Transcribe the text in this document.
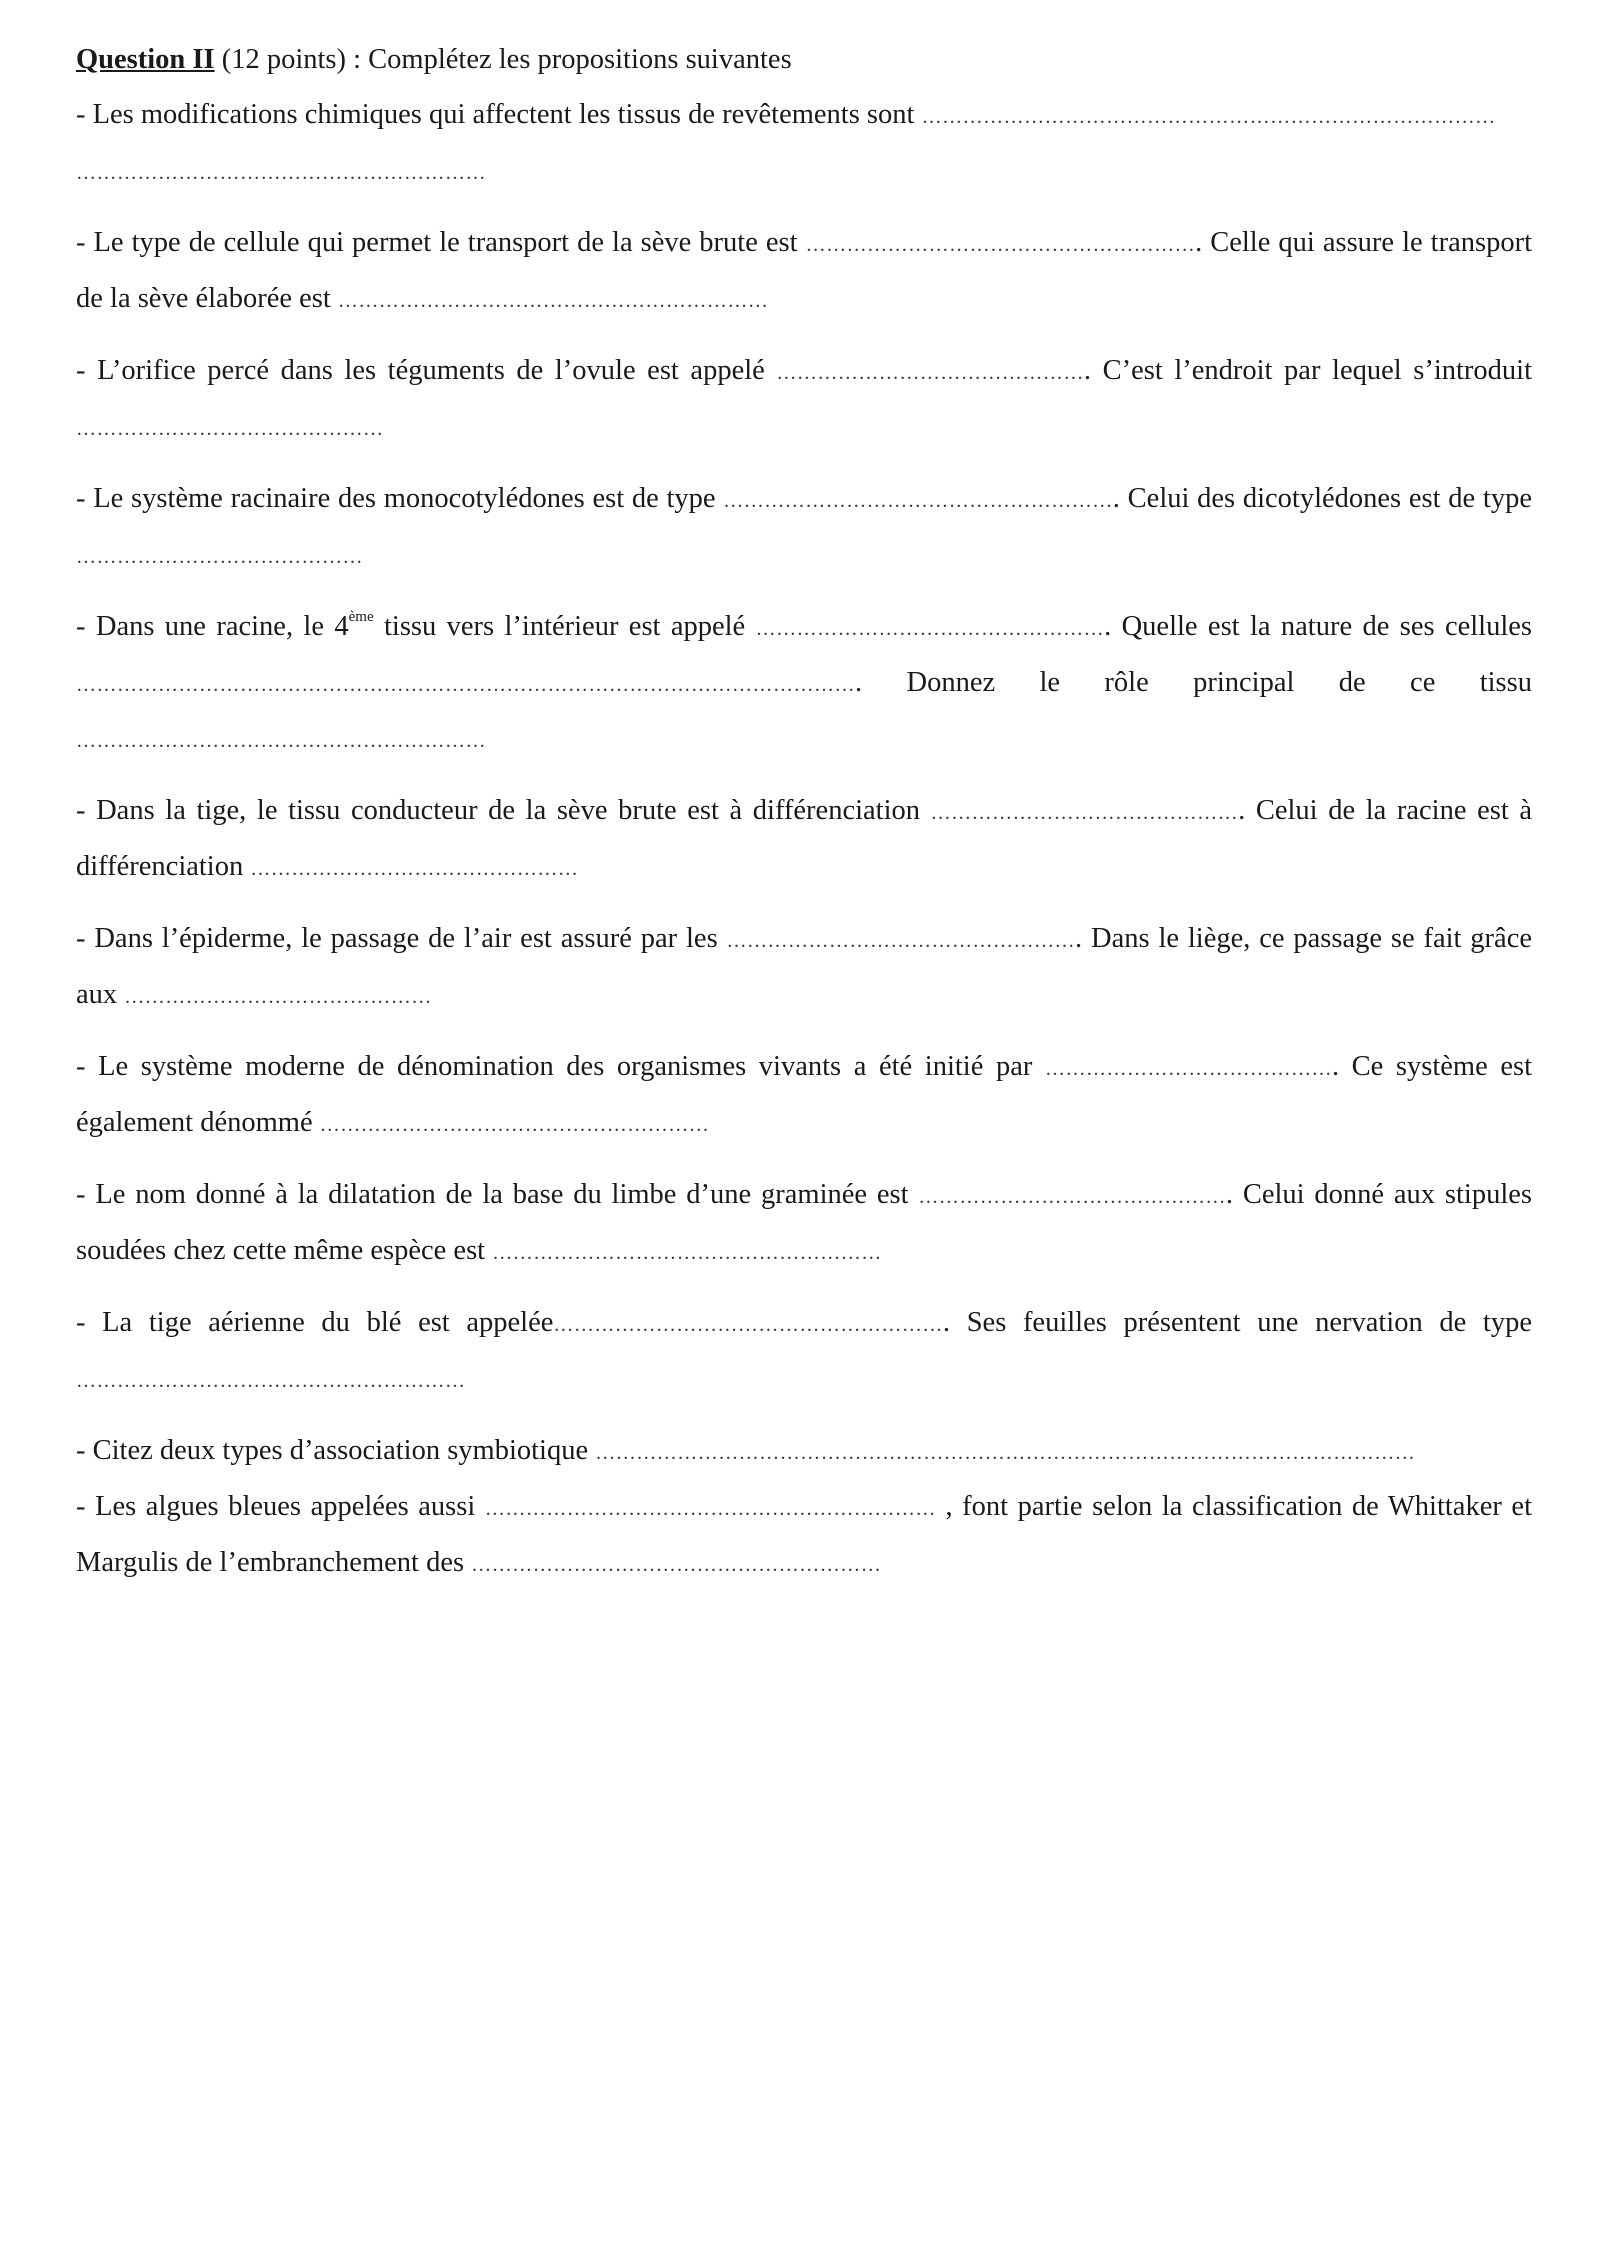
Question II (12 points) : Complétez les propositions suivantes
- Les modifications chimiques qui affectent les tissus de revêtements sont …………………………………………………………………………
……………………………………………………
- Le type de cellule qui permet le transport de la sève brute est …………………………………………………. Celle qui assure le transport de la sève élaborée est ………………………………………………………
- L’orifice percé dans les téguments de l’ovule est appelé ………………………………………. C’est l’endroit par lequel s’introduit ………………………………………
- Le système racinaire des monocotylédones est de type …………………………………………………. Celui des dicotylédones est de type ……………………………………
- Dans une racine, le 4ème tissu vers l’intérieur est appelé ……………………………………………. Quelle est la nature de ses cellules ……………………………………………………………………………………………………. Donnez le rôle principal de ce tissu ……………………………………………………
- Dans la tige, le tissu conducteur de la sève brute est à différenciation ………………………………………. Celui de la racine est à différenciation …………………………………………
- Dans l’épiderme, le passage de l’air est assuré par les ……………………………………………. Dans le liège, ce passage se fait grâce aux ………………………………………
- Le système moderne de dénomination des organismes vivants a été initié par ……………………………………. Ce système est également dénommé …………………………………………………
- Le nom donné à la dilatation de la base du limbe d’une graminée est ………………………………………. Celui donné aux stipules soudées chez cette même espèce est …………………………………………………
- La tige aérienne du blé est appelée…………………………………………………. Ses feuilles présentent une nervation de type …………………………………………………
- Citez deux types d’association symbiotique …………………………………………………………………………………………………………
- Les algues bleues appelées aussi ………………………………………………………… , font partie selon la classification de Whittaker et Margulis de l’embranchement des ……………………………………………………
